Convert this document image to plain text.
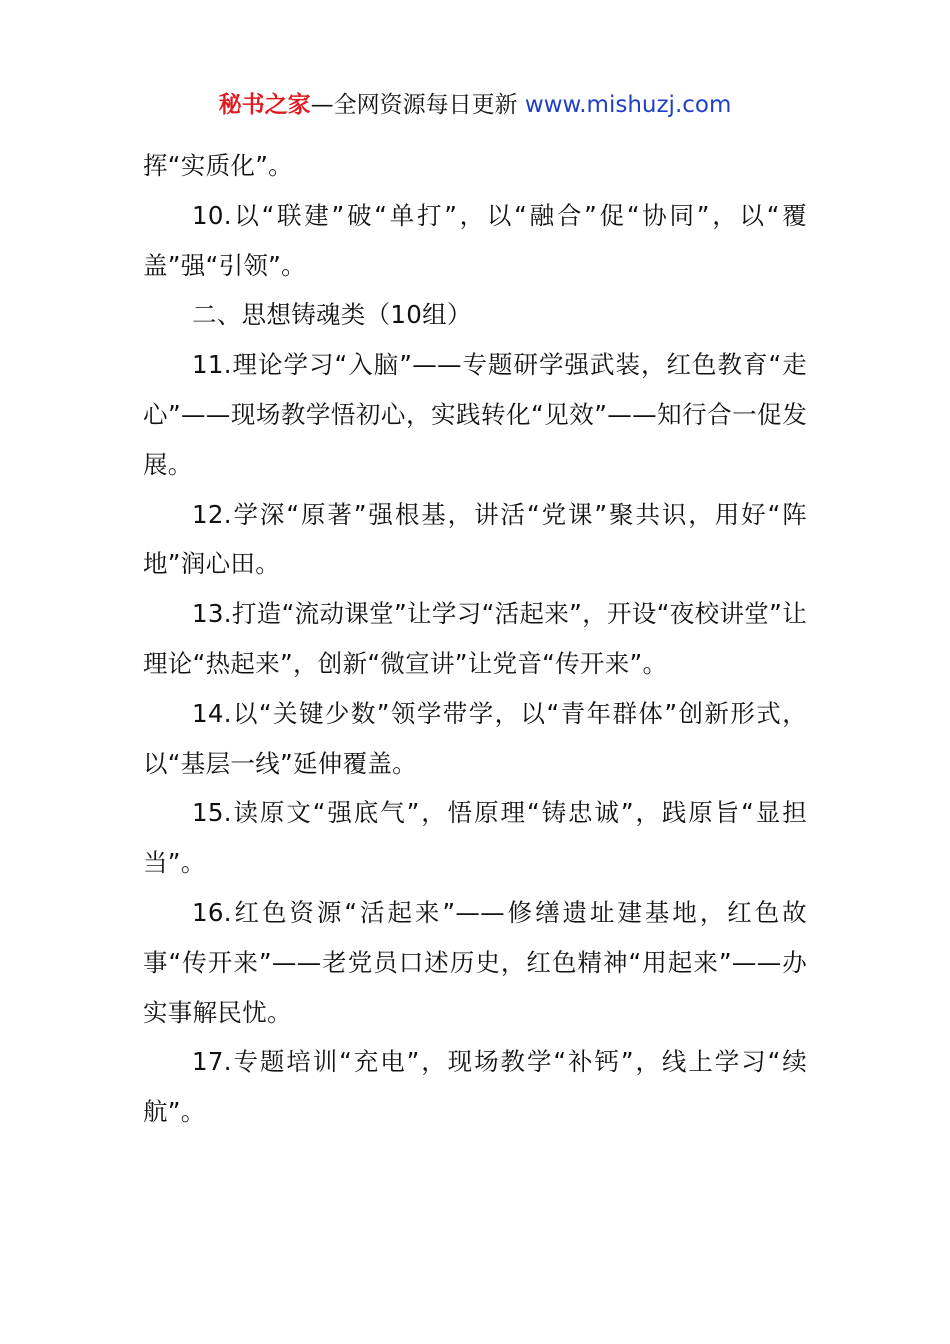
秘书之家—全网资源每日更新 www.mishuzj.com

挥“实质化”。

10.以“联建”破“单打”，以“融合”促“协同”，以“覆盖”强“引领”。

二、思想铸魂类（10组）

11.理论学习“入脑”——专题研学强武装，红色教育“走心”——现场教学悟初心，实践转化“见效”——知行合一促发展。

12.学深“原著”强根基，讲活“党课”聚共识，用好“阵地”润心田。

13.打造“流动课堂”让学习“活起来”，开设“夜校讲堂”让理论“热起来”，创新“微宣讲”让党音“传开来”。

14.以“关键少数”领学带学，以“青年群体”创新形式，以“基层一线”延伸覆盖。

15.读原文“强底气”，悟原理“铸忠诚”，践原旨“显担当”。

16.红色资源“活起来”——修缮遗址建基地，红色故事“传开来”——老党员口述历史，红色精神“用起来”——办实事解民忧。

17.专题培训“充电”，现场教学“补钙”，线上学习“续航”。
